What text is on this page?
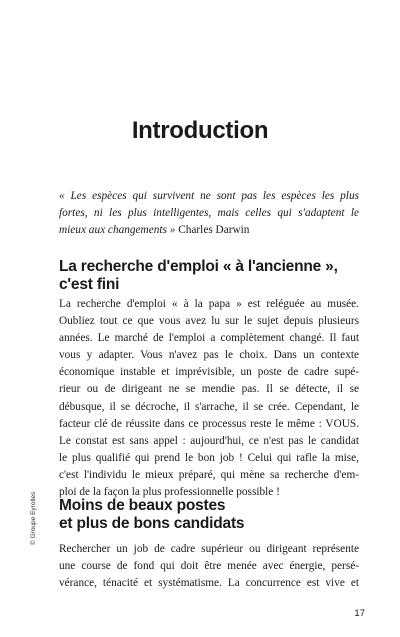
Introduction

« Les espèces qui survivent ne sont pas les espèces les plus
fortes, ni les plus intelligentes, mais celles qui s'adaptent le
mieux aux changements » Charles Darwin

La recherche d'emploi « à l'ancienne »,
c'est fini

La recherche d'emploi « à la papa » est reléguée au musée.
Oubliez tout ce que vous avez lu sur le sujet depuis plusieurs
années. Le marché de l'emploi a complètement changé. Il faut
vous y adapter. Vous n'avez pas le choix. Dans un contexte
économique instable et imprévisible, un poste de cadre supé-
rieur ou de dirigeant ne se mendie pas. Il se détecte, il se
débusque, il se décroche, il s'arrache, il se crée. Cependant, le
facteur clé de réussite dans ce processus reste le même : VOUS.
Le constat est sans appel : aujourd'hui, ce n'est pas le candidat
le plus qualifié qui prend le bon job ! Celui qui rafle la mise,
c'est l'individu le mieux préparé, qui mène sa recherche d'em-
ploi de la façon la plus professionnelle possible !

Moins de beaux postes
et plus de bons candidats

Rechercher un job de cadre supérieur ou dirigeant représente
une course de fond qui doit être menée avec énergie, persé-
vérance, ténacité et systématisme. La concurrence est vive et

© Groupe Eyrolles

17
